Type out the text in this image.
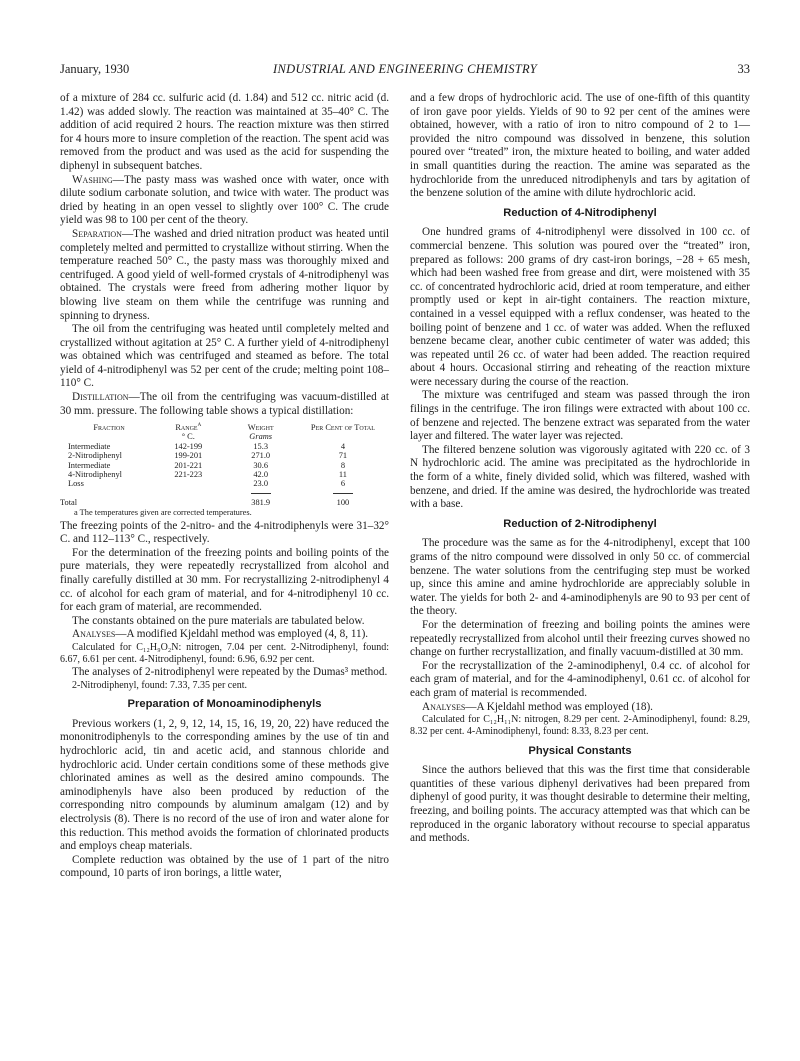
January, 1930	INDUSTRIAL AND ENGINEERING CHEMISTRY	33

of a mixture of 284 cc. sulfuric acid (d. 1.84) and 512 cc. nitric acid (d. 1.42) was added slowly. The reaction was maintained at 35–40° C. The addition of acid required 2 hours. The reaction mixture was then stirred for 4 hours more to insure completion of the reaction. The spent acid was removed from the product and was used as the acid for suspending the diphenyl in subsequent batches.

Washing—The pasty mass was washed once with water, once with dilute sodium carbonate solution, and twice with water. The product was dried by heating in an open vessel to slightly over 100° C. The crude yield was 98 to 100 per cent of the theory.

Separation—The washed and dried nitration product was heated until completely melted and permitted to crystallize without stirring. When the temperature reached 50° C., the pasty mass was thoroughly mixed and centrifuged. A good yield of well-formed crystals of 4-nitrodiphenyl was obtained. The crystals were freed from adhering mother liquor by blowing live steam on them while the centrifuge was running and spinning to dryness.

The oil from the centrifuging was heated until completely melted and crystallized without agitation at 25° C. A further yield of 4-nitrodiphenyl was obtained which was centrifuged and steamed as before. The total yield of 4-nitrodiphenyl was 52 per cent of the crude; melting point 108–110° C.

Distillation—The oil from the centrifuging was vacuum-distilled at 30 mm. pressure. The following table shows a typical distillation:

Fraction	Range$^a$	Weight	Per Cent of Total
	° C.	Grams	
Intermediate	142-199	15.3	4
2-Nitrodiphenyl	199-201	271.0	71
Intermediate	201-221	30.6	8
4-Nitrodiphenyl	221-223	42.0	11
Loss		23.0	6

Total		381.9	100
a The temperatures given are corrected temperatures.

The freezing points of the 2-nitro- and the 4-nitrodiphenyls were 31–32° C. and 112–113° C., respectively.

For the determination of the freezing points and boiling points of the pure materials, they were repeatedly recrystallized from alcohol and finally carefully distilled at 30 mm. For recrystallizing 2-nitrodiphenyl 4 cc. of alcohol for each gram of material, and for 4-nitrodiphenyl 10 cc. for each gram of material, are recommended.

The constants obtained on the pure materials are tabulated below.

Analyses—A modified Kjeldahl method was employed (4, 8, 11).

Calculated for C₁₂H₉O₂N: nitrogen, 7.04 per cent. 2-Nitrodiphenyl, found: 6.67, 6.61 per cent. 4-Nitrodiphenyl, found: 6.96, 6.92 per cent.

The analyses of 2-nitrodiphenyl were repeated by the Dumas³ method.

2-Nitrodiphenyl, found: 7.33, 7.35 per cent.

Preparation of Monoaminodiphenyls

Previous workers (1, 2, 9, 12, 14, 15, 16, 19, 20, 22) have reduced the mononitrodiphenyls to the corresponding amines by the use of tin and hydrochloric acid, tin and acetic acid, and stannous chloride and hydrochloric acid. Under certain conditions some of these methods give chlorinated amines as well as the desired amino compounds. The aminodiphenyls have also been produced by reduction of the corresponding nitro compounds by aluminum amalgam (12) and by electrolysis (8). There is no record of the use of iron and water alone for this reduction. This method avoids the formation of chlorinated products and employs cheap materials.

Complete reduction was obtained by the use of 1 part of the nitro compound, 10 parts of iron borings, a little water,

and a few drops of hydrochloric acid. The use of one-fifth of this quantity of iron gave poor yields. Yields of 90 to 92 per cent of the amines were obtained, however, with a ratio of iron to nitro compound of 2 to 1—provided the nitro compound was dissolved in benzene, this solution poured over “treated” iron, the mixture heated to boiling, and water added in small quantities during the reaction. The amine was separated as the hydrochloride from the unreduced nitrodiphenyls and tars by agitation of the benzene solution of the amine with dilute hydrochloric acid.

Reduction of 4-Nitrodiphenyl

One hundred grams of 4-nitrodiphenyl were dissolved in 100 cc. of commercial benzene. This solution was poured over the “treated” iron, prepared as follows: 200 grams of dry cast-iron borings, −28 + 65 mesh, which had been washed free from grease and dirt, were moistened with 35 cc. of concentrated hydrochloric acid, dried at room temperature, and either promptly used or kept in air-tight containers. The reaction mixture, contained in a vessel equipped with a reflux condenser, was heated to the boiling point of benzene and 1 cc. of water was added. When the refluxed benzene became clear, another cubic centimeter of water was added; this was repeated until 26 cc. of water had been added. The reaction required about 4 hours. Occasional stirring and reheating of the reaction mixture were necessary during the course of the reaction.

The mixture was centrifuged and steam was passed through the iron filings in the centrifuge. The iron filings were extracted with about 100 cc. of benzene and rejected. The benzene extract was separated from the water layer and filtered. The water layer was rejected.

The filtered benzene solution was vigorously agitated with 220 cc. of 3 N hydrochloric acid. The amine was precipitated as the hydrochloride in the form of a white, finely divided solid, which was filtered, washed with benzene, and dried. If the amine was desired, the hydrochloride was treated with a base.

Reduction of 2-Nitrodiphenyl

The procedure was the same as for the 4-nitrodiphenyl, except that 100 grams of the nitro compound were dissolved in only 50 cc. of commercial benzene. The water solutions from the centrifuging step must be worked up, since this amine and amine hydrochloride are appreciably soluble in water. The yields for both 2- and 4-aminodiphenyls are 90 to 93 per cent of the theory.

For the determination of freezing and boiling points the amines were repeatedly recrystallized from alcohol until their freezing curves showed no change on further recrystallization, and finally vacuum-distilled at 30 mm.

For the recrystallization of the 2-aminodiphenyl, 0.4 cc. of alcohol for each gram of material, and for the 4-aminodiphenyl, 0.61 cc. of alcohol for each gram of material is recommended.

Analyses—A Kjeldahl method was employed (18).

Calculated for C₁₂H₁₁N: nitrogen, 8.29 per cent. 2-Aminodiphenyl, found: 8.29, 8.32 per cent. 4-Aminodiphenyl, found: 8.33, 8.23 per cent.

Physical Constants

Since the authors believed that this was the first time that considerable quantities of these various diphenyl derivatives had been prepared from diphenyl of good purity, it was thought desirable to determine their melting, freezing, and boiling points. The accuracy attempted was that which can be reproduced in the organic laboratory without recourse to special apparatus and methods.
